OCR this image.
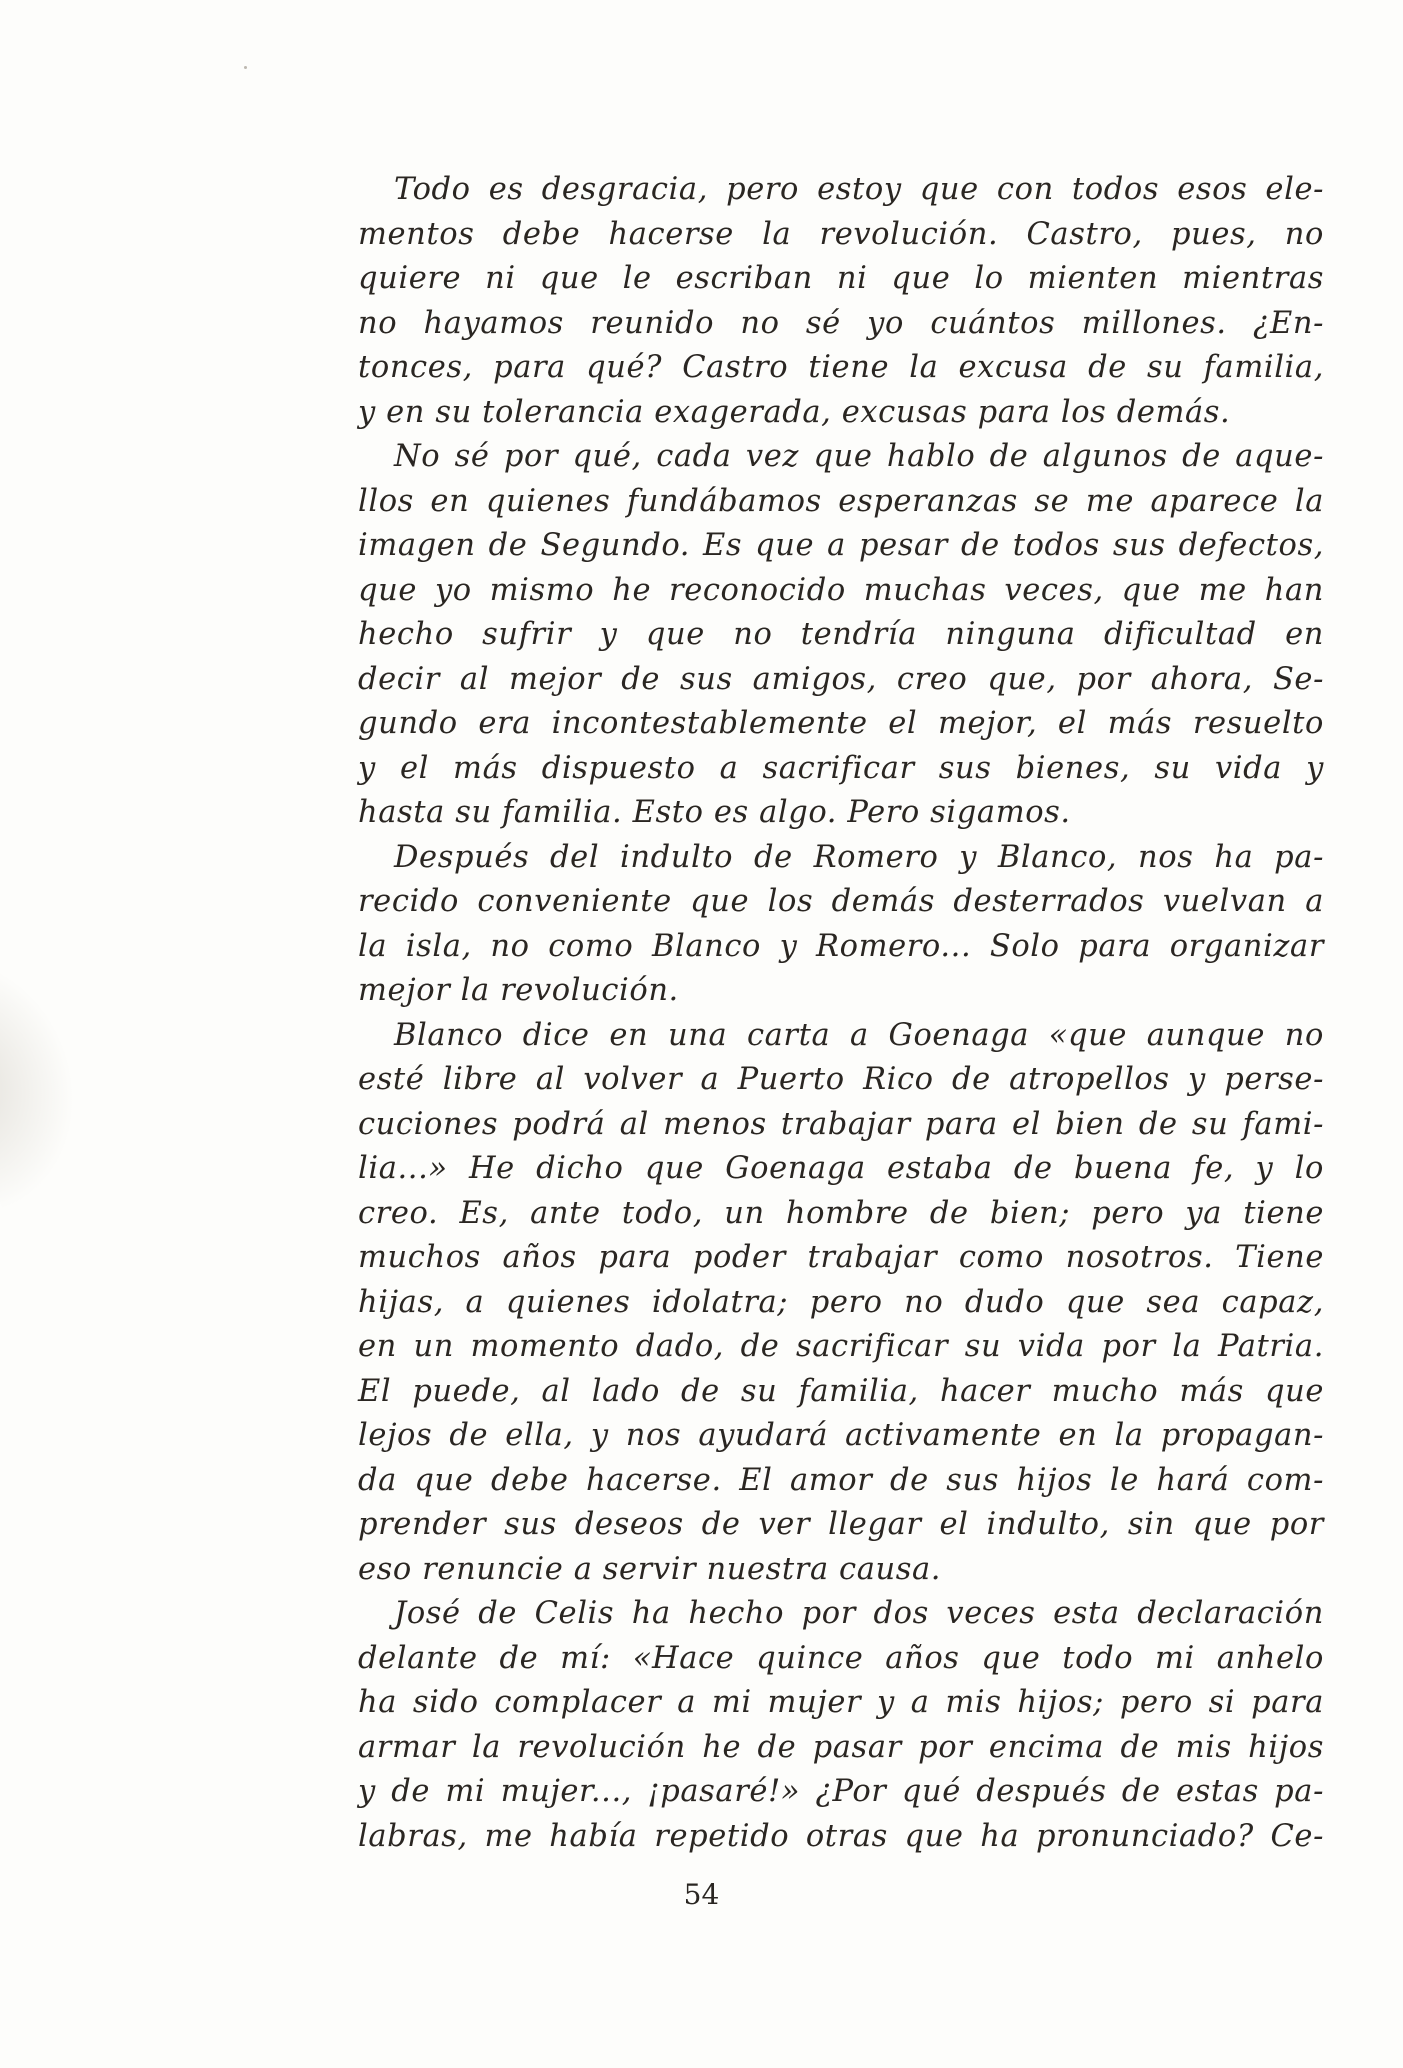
Todo es desgracia, pero estoy que con todos esos ele-
mentos debe hacerse la revolución. Castro, pues, no
quiere ni que le escriban ni que lo mienten mientras
no hayamos reunido no sé yo cuántos millones. ¿En-
tonces, para qué? Castro tiene la excusa de su familia,
y en su tolerancia exagerada, excusas para los demás.
No sé por qué, cada vez que hablo de algunos de aque-
llos en quienes fundábamos esperanzas se me aparece la
imagen de Segundo. Es que a pesar de todos sus defectos,
que yo mismo he reconocido muchas veces, que me han
hecho sufrir y que no tendría ninguna dificultad en
decir al mejor de sus amigos, creo que, por ahora, Se-
gundo era incontestablemente el mejor, el más resuelto
y el más dispuesto a sacrificar sus bienes, su vida y
hasta su familia. Esto es algo. Pero sigamos.
Después del indulto de Romero y Blanco, nos ha pa-
recido conveniente que los demás desterrados vuelvan a
la isla, no como Blanco y Romero... Solo para organizar
mejor la revolución.
Blanco dice en una carta a Goenaga «que aunque no
esté libre al volver a Puerto Rico de atropellos y perse-
cuciones podrá al menos trabajar para el bien de su fami-
lia...» He dicho que Goenaga estaba de buena fe, y lo
creo. Es, ante todo, un hombre de bien; pero ya tiene
muchos años para poder trabajar como nosotros. Tiene
hijas, a quienes idolatra; pero no dudo que sea capaz,
en un momento dado, de sacrificar su vida por la Patria.
El puede, al lado de su familia, hacer mucho más que
lejos de ella, y nos ayudará activamente en la propagan-
da que debe hacerse. El amor de sus hijos le hará com-
prender sus deseos de ver llegar el indulto, sin que por
eso renuncie a servir nuestra causa.
José de Celis ha hecho por dos veces esta declaración
delante de mí: «Hace quince años que todo mi anhelo
ha sido complacer a mi mujer y a mis hijos; pero si para
armar la revolución he de pasar por encima de mis hijos
y de mi mujer..., ¡pasaré!» ¿Por qué después de estas pa-
labras, me había repetido otras que ha pronunciado? Ce-
54
